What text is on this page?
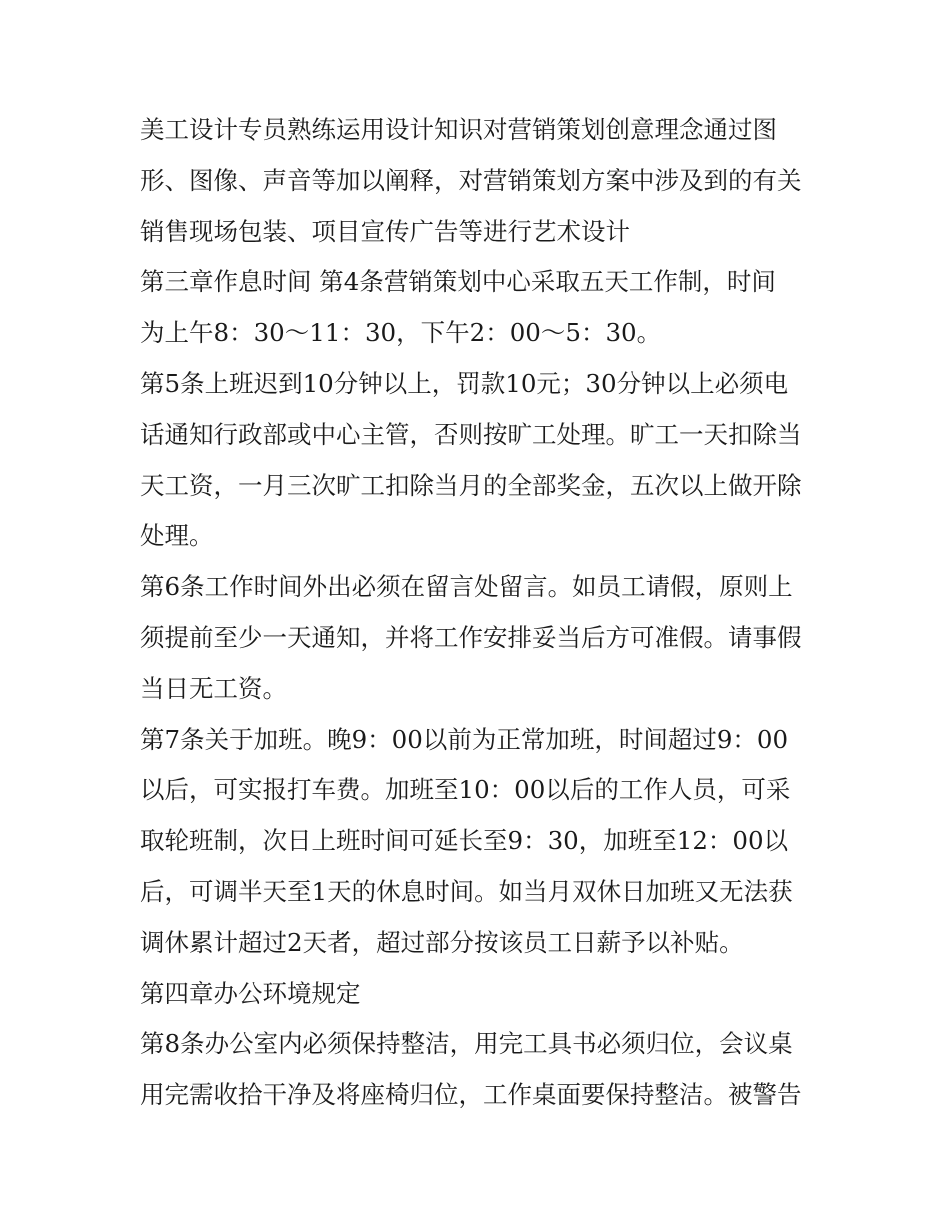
美工设计专员熟练运用设计知识对营销策划创意理念通过图
形、图像、声音等加以阐释，对营销策划方案中涉及到的有关
销售现场包装、项目宣传广告等进行艺术设计
第三章作息时间 第4条营销策划中心采取五天工作制，时间
为上午8：30～11：30，下午2：00～5：30。
第5条上班迟到10分钟以上，罚款10元；30分钟以上必须电
话通知行政部或中心主管，否则按旷工处理。旷工一天扣除当
天工资，一月三次旷工扣除当月的全部奖金，五次以上做开除
处理。
第6条工作时间外出必须在留言处留言。如员工请假，原则上
须提前至少一天通知，并将工作安排妥当后方可准假。请事假
当日无工资。
第7条关于加班。晚9：00以前为正常加班，时间超过9：00
以后，可实报打车费。加班至10：00以后的工作人员，可采
取轮班制，次日上班时间可延长至9：30，加班至12：00以
后，可调半天至1天的休息时间。如当月双休日加班又无法获
调休累计超过2天者，超过部分按该员工日薪予以补贴。
第四章办公环境规定
第8条办公室内必须保持整洁，用完工具书必须归位，会议桌
用完需收拾干净及将座椅归位，工作桌面要保持整洁。被警告
